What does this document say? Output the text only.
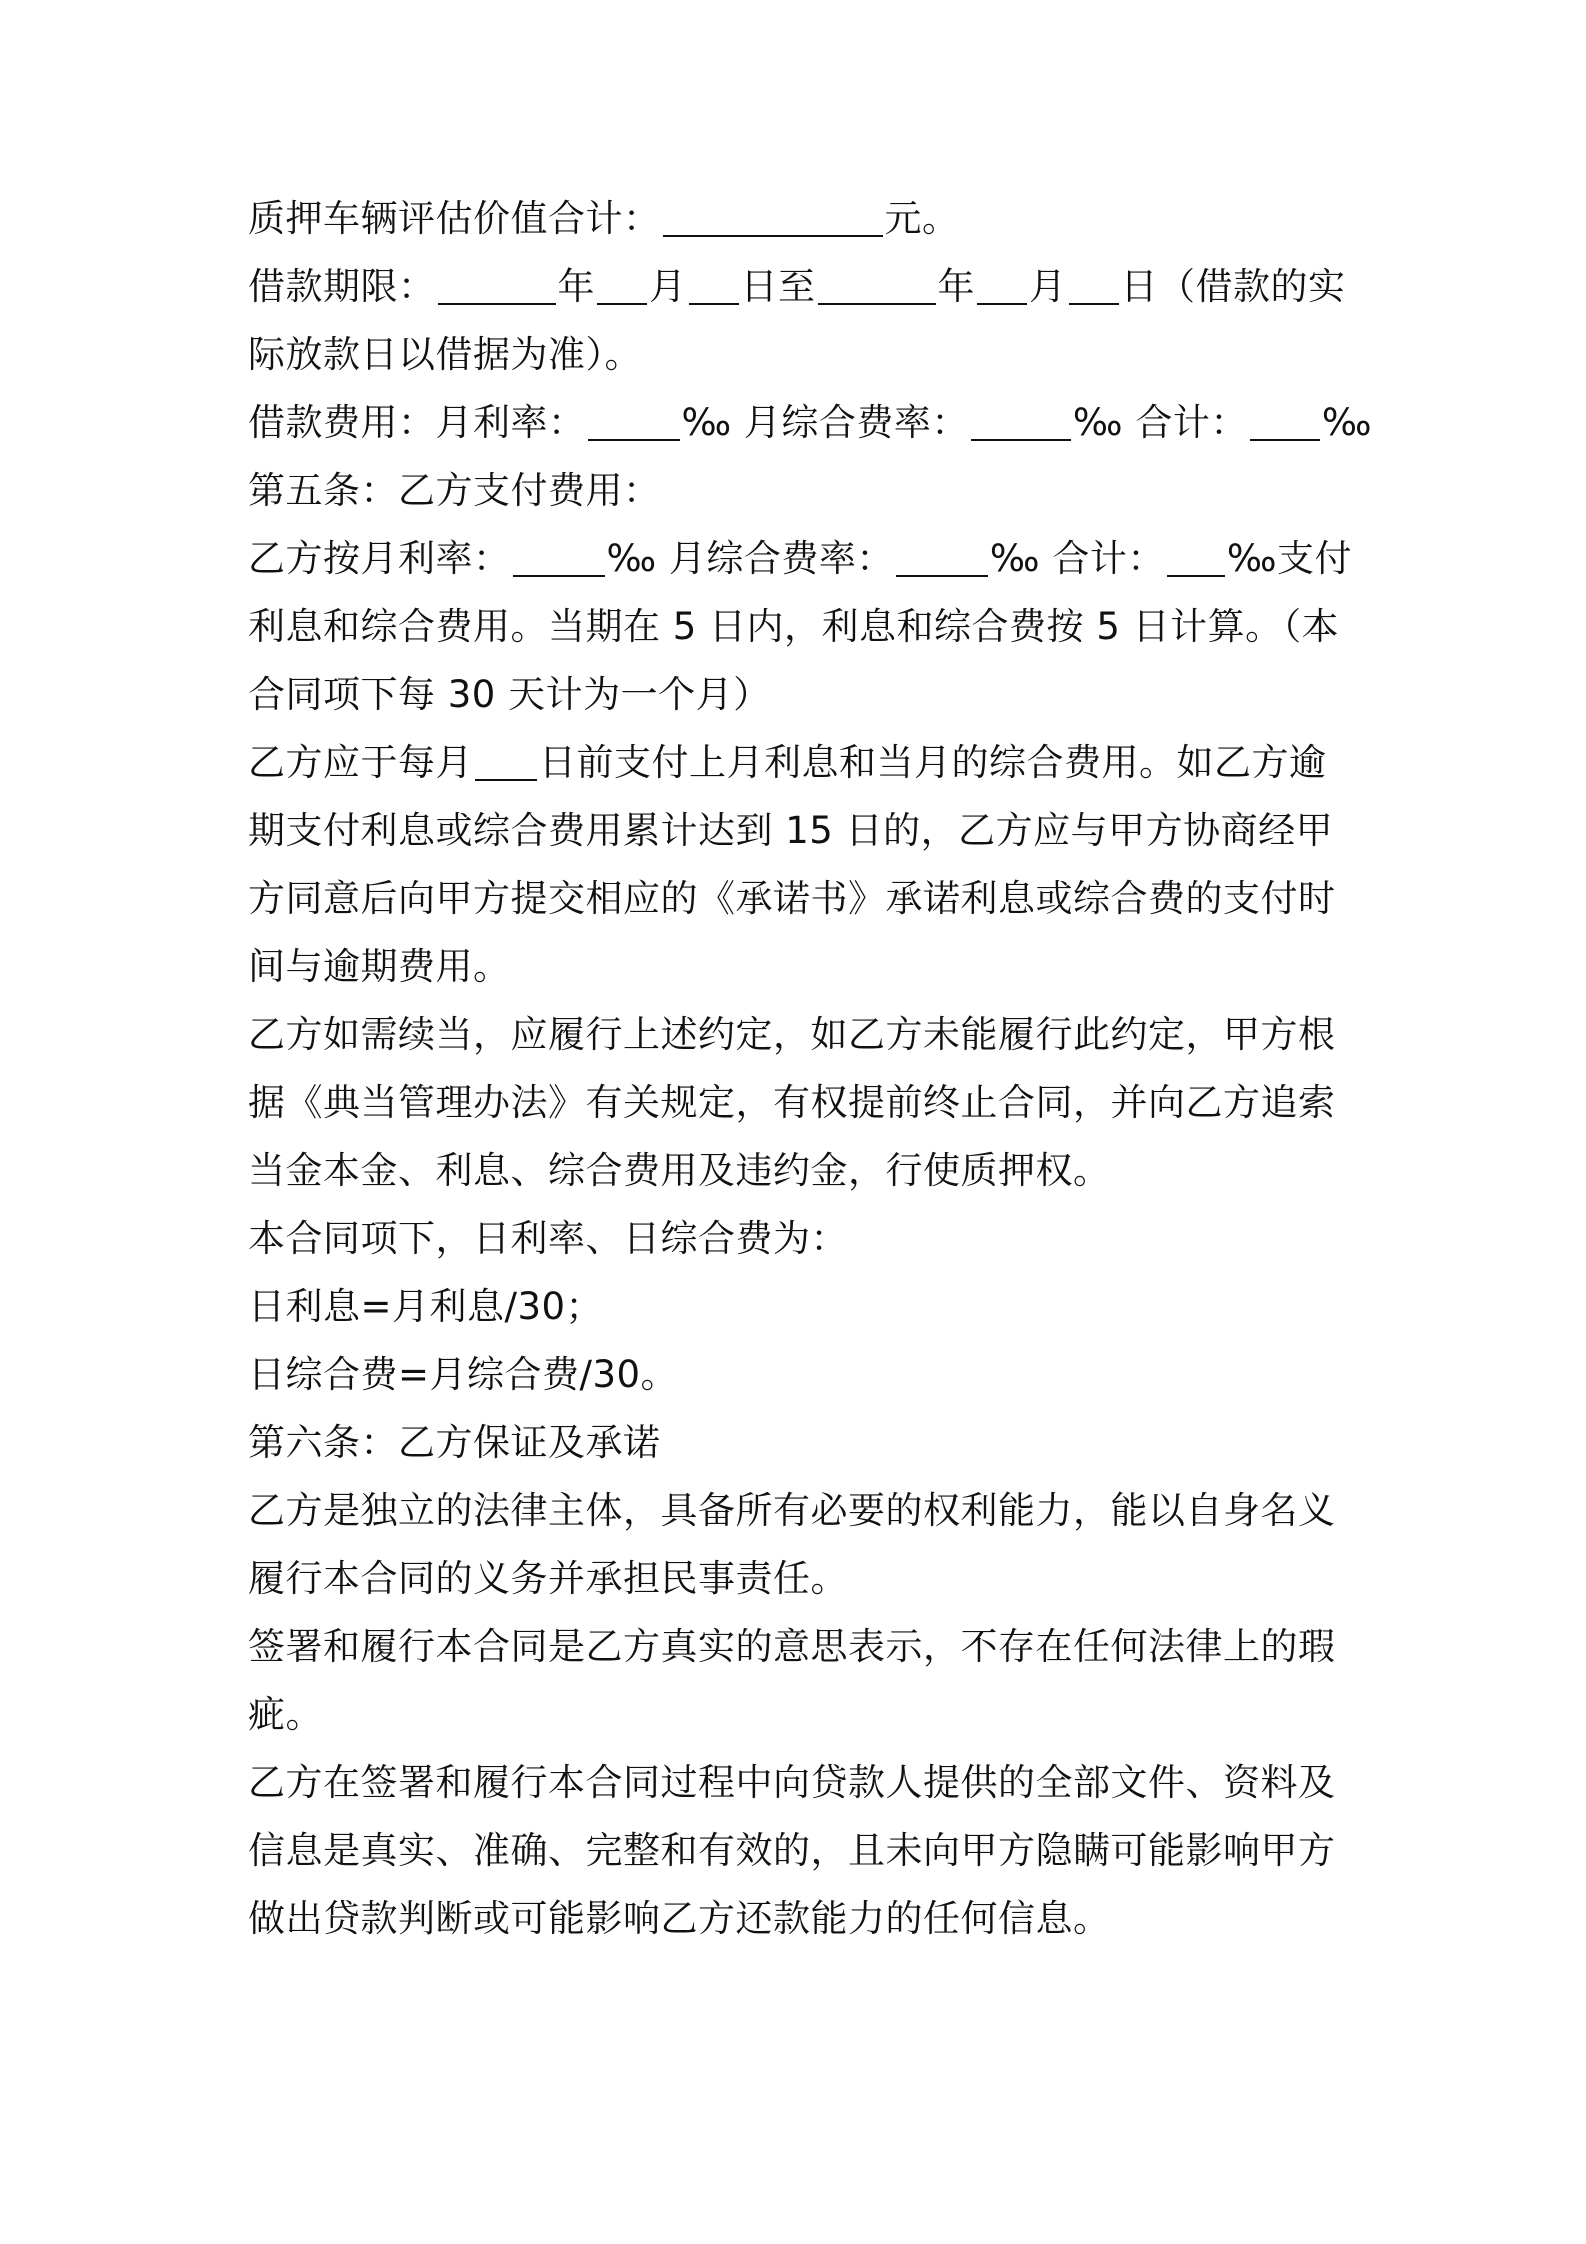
质押车辆评估价值合计：	元。
借款期限：	年 月 日至	年 月 日（借款的实
际放款日以借据为准）。
借款费用：月利率：	‰ 月综合费率：	‰ 合计： ‰
第五条：乙方支付费用：
乙方按月利率：	‰ 月综合费率：	‰ 合计： ‰支付
利息和综合费用。当期在 5 日内，利息和综合费按 5 日计算。（本
合同项下每 30 天计为一个月）
乙方应于每月 日前支付上月利息和当月的综合费用。如乙方逾
期支付利息或综合费用累计达到 15 日的，乙方应与甲方协商经甲
方同意后向甲方提交相应的《承诺书》承诺利息或综合费的支付时
间与逾期费用。
乙方如需续当，应履行上述约定，如乙方未能履行此约定，甲方根
据《典当管理办法》有关规定，有权提前终止合同，并向乙方追索
当金本金、利息、综合费用及违约金，行使质押权。
本合同项下，日利率、日综合费为：
日利息=月利息/30；
日综合费=月综合费/30。
第六条：乙方保证及承诺
乙方是独立的法律主体，具备所有必要的权利能力，能以自身名义
履行本合同的义务并承担民事责任。
签署和履行本合同是乙方真实的意思表示，不存在任何法律上的瑕
疵。
乙方在签署和履行本合同过程中向贷款人提供的全部文件、资料及
信息是真实、准确、完整和有效的，且未向甲方隐瞒可能影响甲方
做出贷款判断或可能影响乙方还款能力的任何信息。
